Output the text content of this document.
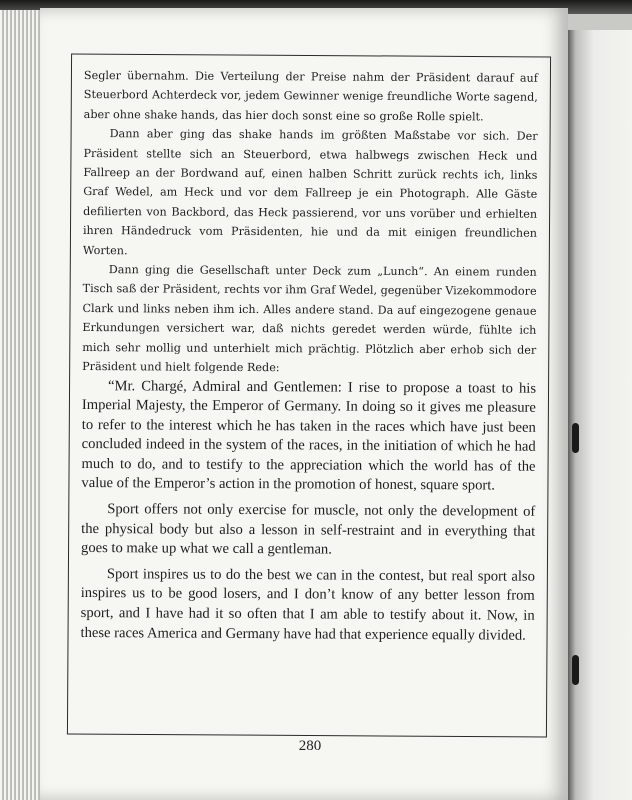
Segler übernahm. Die Verteilung der Preise nahm der Präsident darauf auf Steuerbord Achterdeck vor, jedem Gewinner wenige freundliche Worte sagend, aber ohne shake hands, das hier doch sonst eine so große Rolle spielt.

Dann aber ging das shake hands im größten Maßstabe vor sich. Der Präsident stellte sich an Steuerbord, etwa halbwegs zwischen Heck und Fallreep an der Bordwand auf, einen halben Schritt zurück rechts ich, links Graf Wedel, am Heck und vor dem Fallreep je ein Photograph. Alle Gäste defilierten von Backbord, das Heck passierend, vor uns vorüber und erhielten ihren Händedruck vom Präsidenten, hie und da mit einigen freundlichen Worten.

Dann ging die Gesellschaft unter Deck zum „Lunch“. An einem runden Tisch saß der Präsident, rechts vor ihm Graf Wedel, gegenüber Vizekommodore Clark und links neben ihm ich. Alles andere stand. Da auf eingezogene genaue Erkundungen versichert war, daß nichts geredet werden würde, fühlte ich mich sehr mollig und unterhielt mich prächtig. Plötzlich aber erhob sich der Präsident und hielt folgende Rede:

“Mr. Chargé, Admiral and Gentlemen: I rise to propose a toast to his Imperial Majesty, the Emperor of Germany. In doing so it gives me pleasure to refer to the interest which he has taken in the races which have just been concluded indeed in the system of the races, in the initiation of which he had much to do, and to testify to the appreciation which the world has of the value of the Emperor’s action in the promotion of honest, square sport.

Sport offers not only exercise for muscle, not only the development of the physical body but also a lesson in self-restraint and in everything that goes to make up what we call a gentleman.

Sport inspires us to do the best we can in the contest, but real sport also inspires us to be good losers, and I don’t know of any better lesson from sport, and I have had it so often that I am able to testify about it. Now, in these races America and Germany have had that experience equally divided.

280
